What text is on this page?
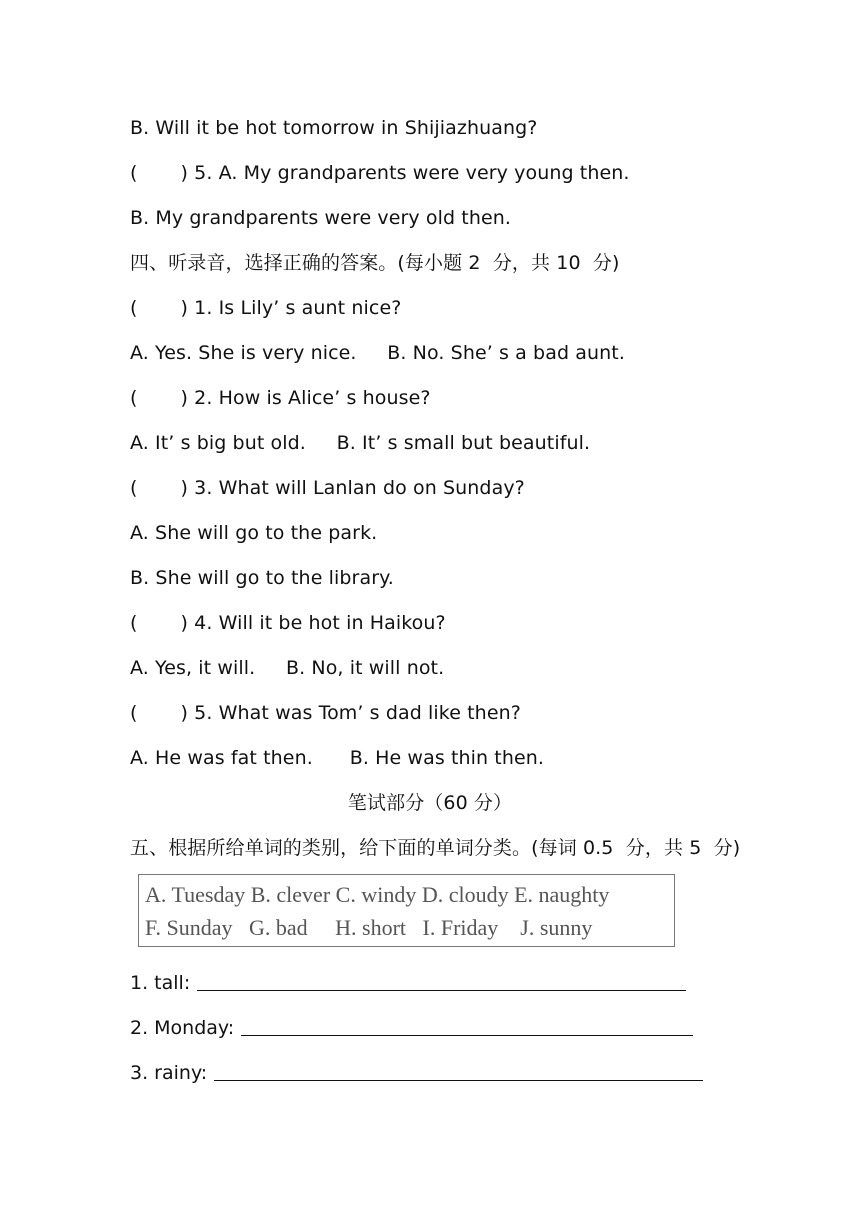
B. Will it be hot tomorrow in Shijiazhuang?
(       ) 5. A. My grandparents were very young then.
B. My grandparents were very old then.
四、听录音，选择正确的答案。(每小题 2  分，共 10  分)
(       ) 1. Is Lily’ s aunt nice?
A. Yes. She is very nice.     B. No. She’ s a bad aunt.
(       ) 2. How is Alice’ s house?
A. It’ s big but old.     B. It’ s small but beautiful.
(       ) 3. What will Lanlan do on Sunday?
A. She will go to the park.
B. She will go to the library.
(       ) 4. Will it be hot in Haikou?
A. Yes, it will.     B. No, it will not.
(       ) 5. What was Tom’ s dad like then?
A. He was fat then.      B. He was thin then.
笔试部分（60 分）
五、根据所给单词的类别，给下面的单词分类。(每词 0.5  分，共 5  分)
A. Tuesday B. clever C. windy D. cloudy E. naughty
F. Sunday   G. bad     H. short   I. Friday    J. sunny
1. tall:
2. Monday:
3. rainy:
